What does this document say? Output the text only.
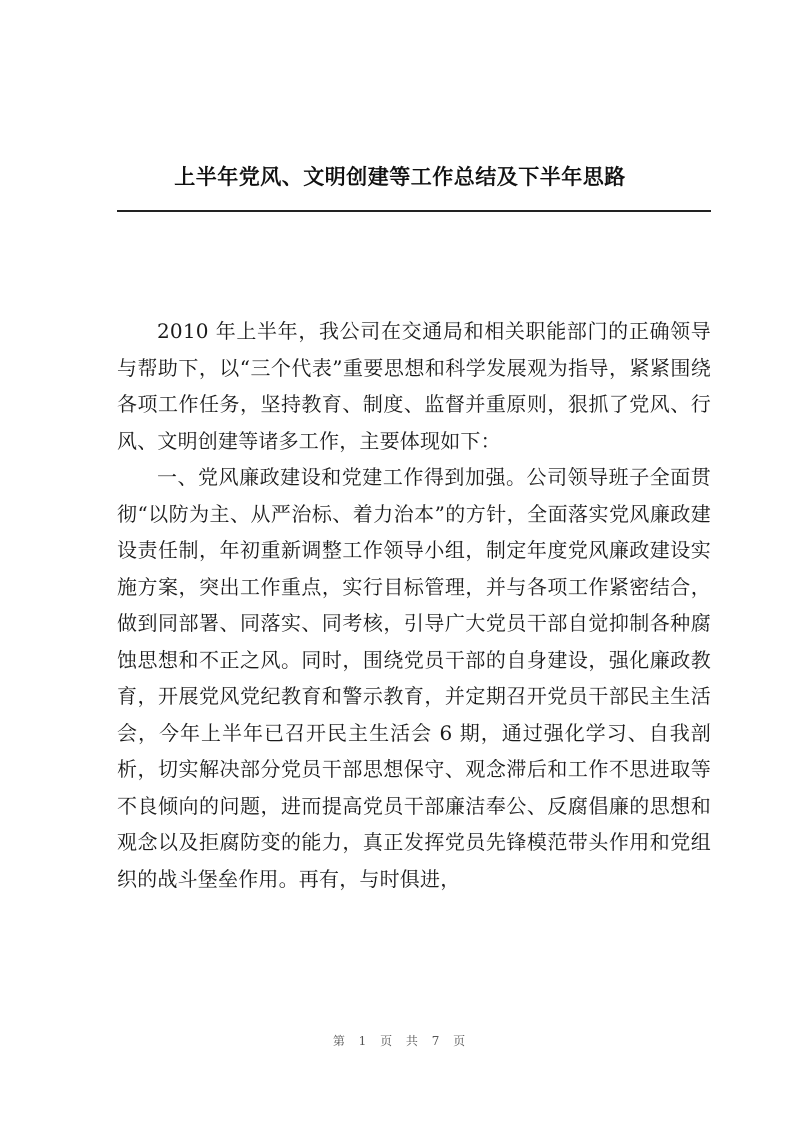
上半年党风、文明创建等工作总结及下半年思路

2010 年上半年，我公司在交通局和相关职能部门的正确领导与帮助下，以“三个代表”重要思想和科学发展观为指导，紧紧围绕各项工作任务，坚持教育、制度、监督并重原则，狠抓了党风、行风、文明创建等诸多工作，主要体现如下：

一、党风廉政建设和党建工作得到加强。公司领导班子全面贯彻“以防为主、从严治标、着力治本”的方针，全面落实党风廉政建设责任制，年初重新调整工作领导小组，制定年度党风廉政建设实施方案，突出工作重点，实行目标管理，并与各项工作紧密结合，做到同部署、同落实、同考核，引导广大党员干部自觉抑制各种腐蚀思想和不正之风。同时，围绕党员干部的自身建设，强化廉政教育，开展党风党纪教育和警示教育，并定期召开党员干部民主生活会，今年上半年已召开民主生活会 6 期，通过强化学习、自我剖析，切实解决部分党员干部思想保守、观念滞后和工作不思进取等不良倾向的问题，进而提高党员干部廉洁奉公、反腐倡廉的思想和观念以及拒腐防变的能力，真正发挥党员先锋模范带头作用和党组织的战斗堡垒作用。再有，与时俱进，

第 1 页 共 7 页
